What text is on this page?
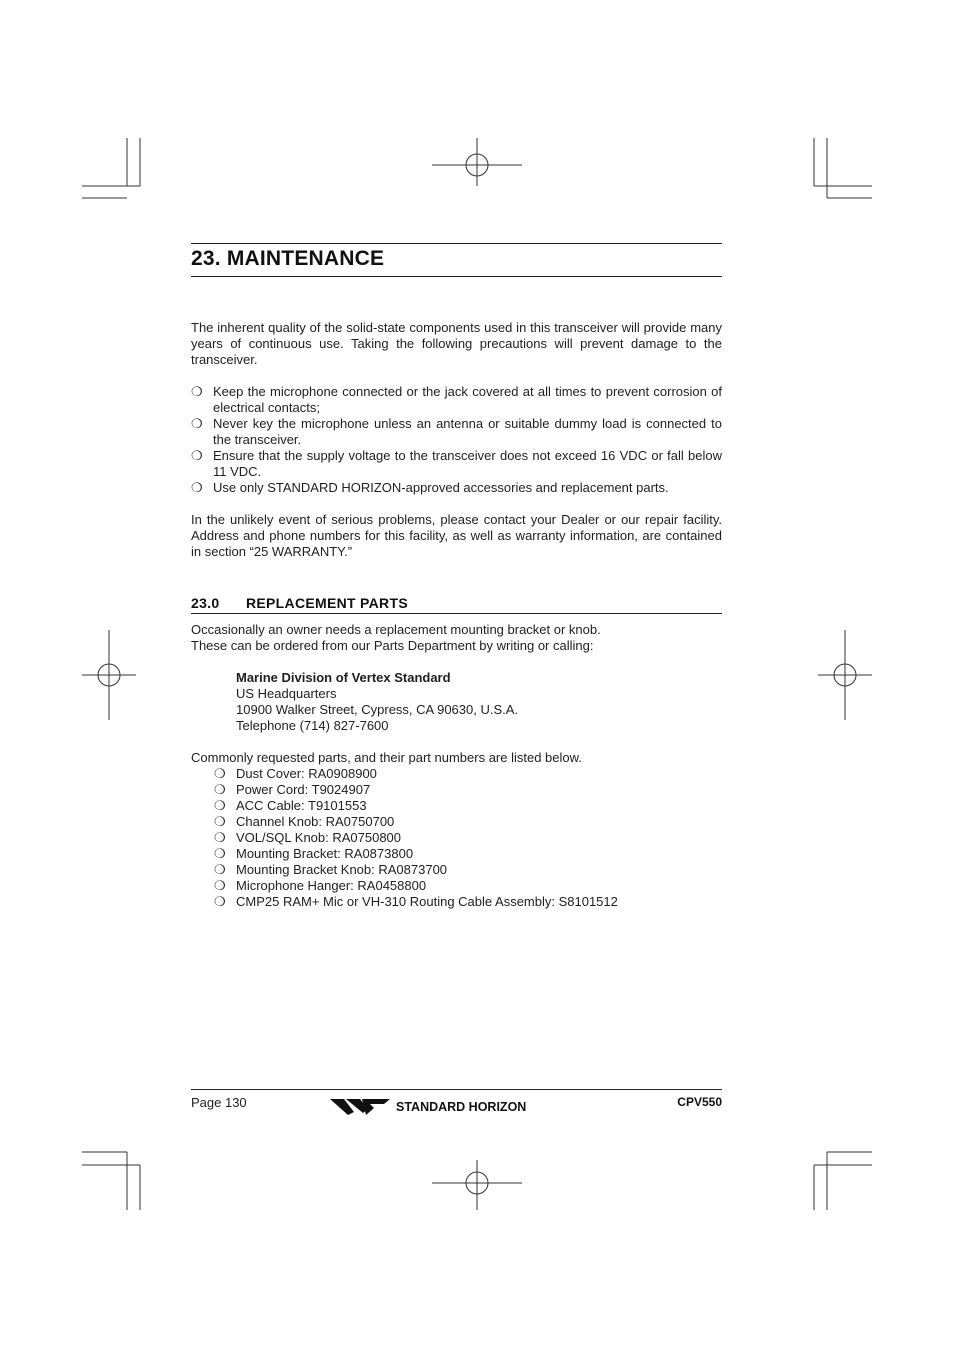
23. MAINTENANCE

The inherent quality of the solid-state components used in this transceiver will provide many years of continuous use. Taking the following precautions will prevent damage to the transceiver.

❍ Keep the microphone connected or the jack covered at all times to prevent corrosion of electrical contacts;
❍ Never key the microphone unless an antenna or suitable dummy load is connected to the transceiver.
❍ Ensure that the supply voltage to the transceiver does not exceed 16 VDC or fall below 11 VDC.
❍ Use only STANDARD HORIZON-approved accessories and replacement parts.

In the unlikely event of serious problems, please contact your Dealer or our repair facility. Address and phone numbers for this facility, as well as warranty information, are contained in section “25 WARRANTY.”

23.0 REPLACEMENT PARTS
Occasionally an owner needs a replacement mounting bracket or knob.
These can be ordered from our Parts Department by writing or calling:
Marine Division of Vertex Standard
US Headquarters
10900 Walker Street, Cypress, CA 90630, U.S.A.
Telephone (714) 827-7600

Commonly requested parts, and their part numbers are listed below.

❍ Dust Cover: RA0908900
❍ Power Cord: T9024907
❍ ACC Cable: T9101553
❍ Channel Knob: RA0750700
❍ VOL/SQL Knob: RA0750800
❍ Mounting Bracket: RA0873800
❍ Mounting Bracket Knob: RA0873700
❍ Microphone Hanger: RA0458800
❍ CMP25 RAM+ Mic or VH-310 Routing Cable Assembly: S8101512
Page 130	STANDARD HORIZON	CPV550
